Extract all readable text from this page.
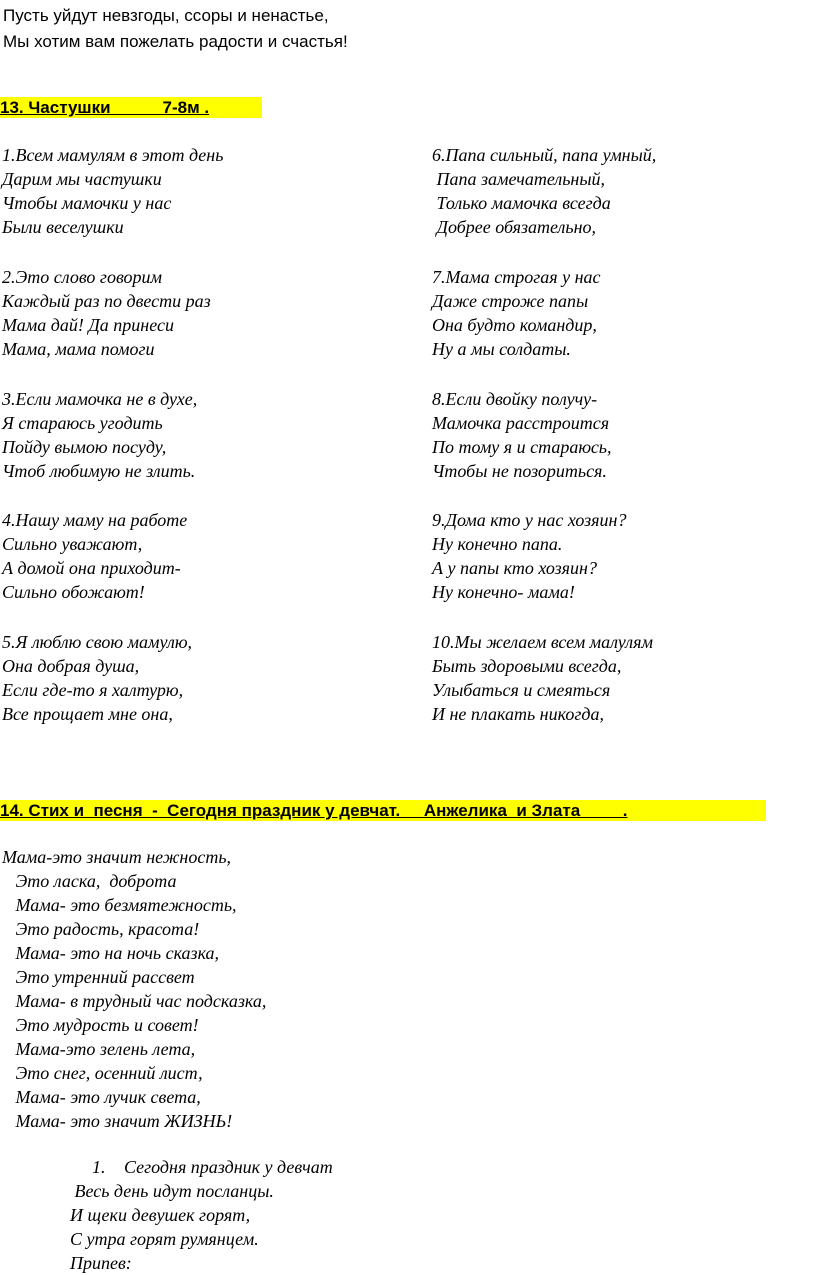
Пусть уйдут невзгоды, ссоры и ненастье,
Мы хотим вам пожелать радости и счастья!
13. Частушки           7-8м .
1.Всем мамулям в этот день
Дарим мы частушки
Чтобы мамочки у нас
Были веселушки
2.Это слово говорим
Каждый раз по двести раз
Мама дай! Да принеси
Мама, мама помоги
3.Если мамочка не в духе,
Я стараюсь угодить
Пойду вымою посуду,
Чтоб любимую не злить.
4.Нашу маму на работе
Сильно уважают,
А домой она приходит-
Сильно обожают!
5.Я люблю свою мамулю,
Она добрая душа,
Если где-то я халтурю,
Все прощает мне она,
6.Папа сильный, папа умный,
Папа замечательный,
Только мамочка всегда
Добрее обязательно,
7.Мама строгая у нас
Даже строже папы
Она будто командир,
Ну а мы солдаты.
8.Если двойку получу-
Мамочка расстроится
По тому я и стараюсь,
Чтобы не позориться.
9.Дома кто у нас хозяин?
Ну конечно папа.
А у папы кто хозяин?
Ну конечно- мама!
10.Мы желаем всем малулям
Быть здоровыми всегда,
Улыбаться и смеяться
И не плакать никогда,
14. Стих и  песня  -  Сегодня праздник у девчат.     Анжелика  и Злата         .
Мама-это значит нежность,
Это ласка,  доброта
Мама- это безмятежность,
Это радость, красота!
Мама- это на ночь сказка,
Это утренний рассвет
Мама- в трудный час подсказка,
Это мудрость и совет!
Мама-это зелень лета,
Это снег, осенний лист,
Мама- это лучик света,
Мама- это значит ЖИЗНЬ!
1. Сегодня праздник у девчат
Весь день идут посланцы.
И щеки девушек горят,
С утра горят румянцем.
Припев:
